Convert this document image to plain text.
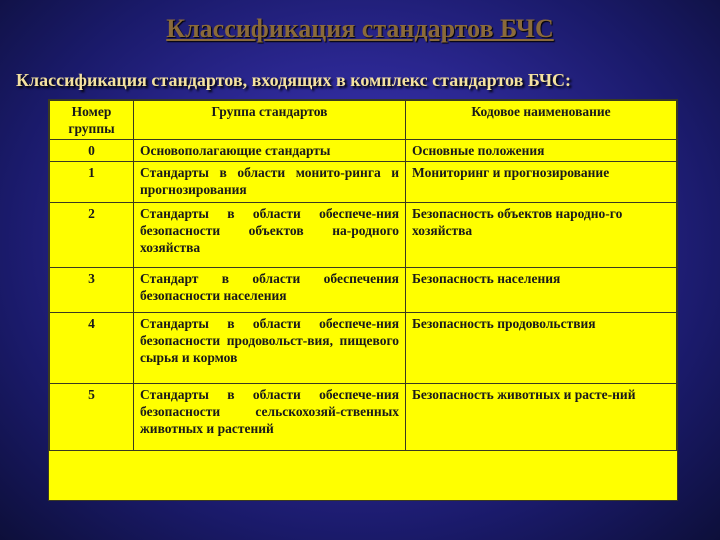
Классификация стандартов БЧС
Классификация стандартов, входящих в комплекс стандартов БЧС:
Номер группы	Группа стандартов	Кодовое наименование
0	Основополагающие стандарты	Основные положения
1	Стандарты в области монито-ринга и прогнозирования	Мониторинг и прогнозирование
2	Стандарты в области обеспече-ния безопасности объектов на-родного хозяйства	Безопасность объектов народно-го хозяйства
3	Стандарт в области обеспечения безопасности населения	Безопасность населения
4	Стандарты в области обеспече-ния безопасности продовольст-вия, пищевого сырья и кормов	Безопасность продовольствия
5	Стандарты в области обеспече-ния безопасности сельскохозяй-ственных животных и растений	Безопасность животных и расте-ний
